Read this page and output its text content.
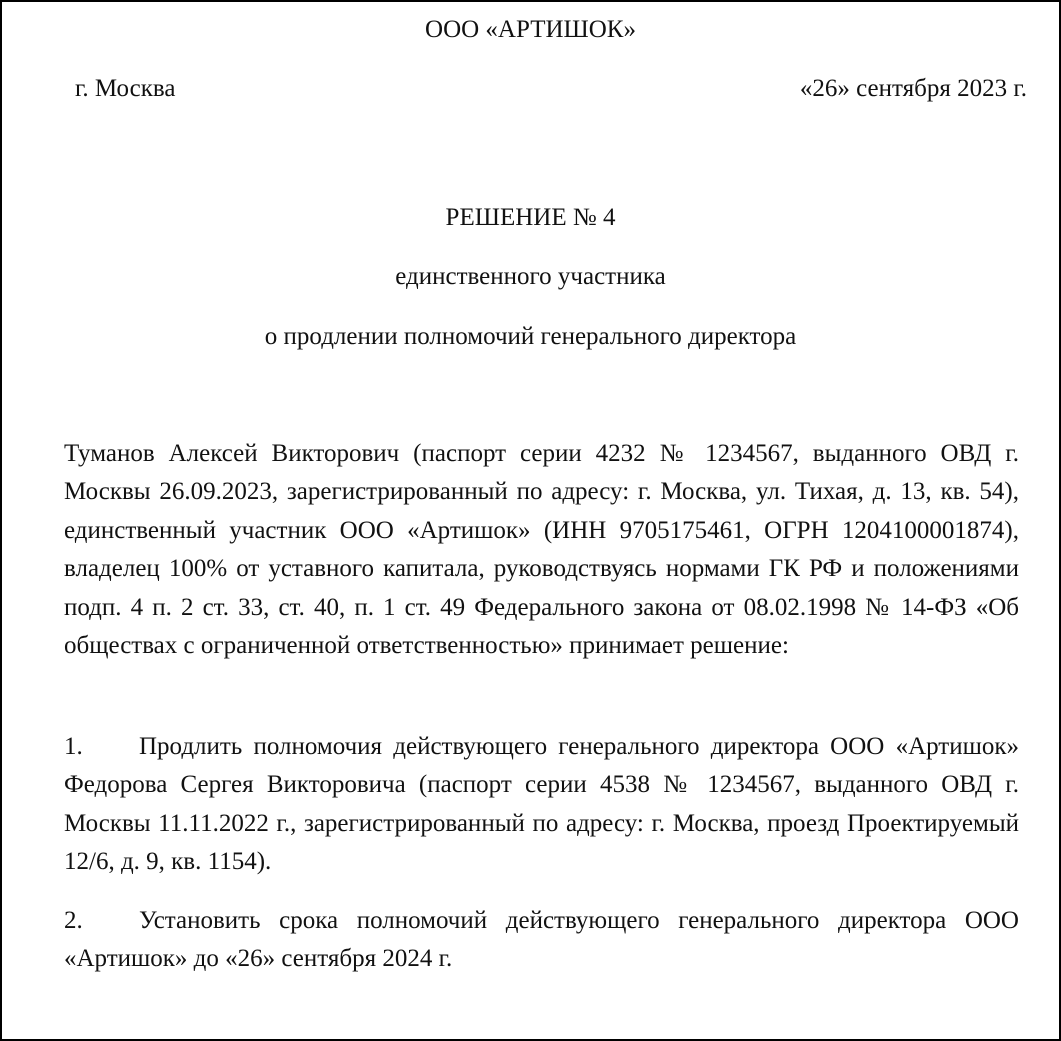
ООО «АРТИШОК»
г. Москва	«26» сентября 2023 г.
РЕШЕНИЕ № 4
единственного участника
о продлении полномочий генерального директора
Туманов Алексей Викторович (паспорт серии 4232 № 1234567, выданного ОВД г. Москвы 26.09.2023, зарегистрированный по адресу: г. Москва, ул. Тихая, д. 13, кв. 54), единственный участник ООО «Артишок» (ИНН 9705175461, ОГРН 1204100001874), владелец 100% от уставного капитала, руководствуясь нормами ГК РФ и положениями подп. 4 п. 2 ст. 33, ст. 40, п. 1 ст. 49 Федерального закона от 08.02.1998 № 14-ФЗ «Об обществах с ограниченной ответственностью» принимает решение:
1. Продлить полномочия действующего генерального директора ООО «Артишок» Федорова Сергея Викторовича (паспорт серии 4538 № 1234567, выданного ОВД г. Москвы 11.11.2022 г., зарегистрированный по адресу: г. Москва, проезд Проектируемый 12/6, д. 9, кв. 1154).
2. Установить срока полномочий действующего генерального директора ООО «Артишок» до «26» сентября 2024 г.
